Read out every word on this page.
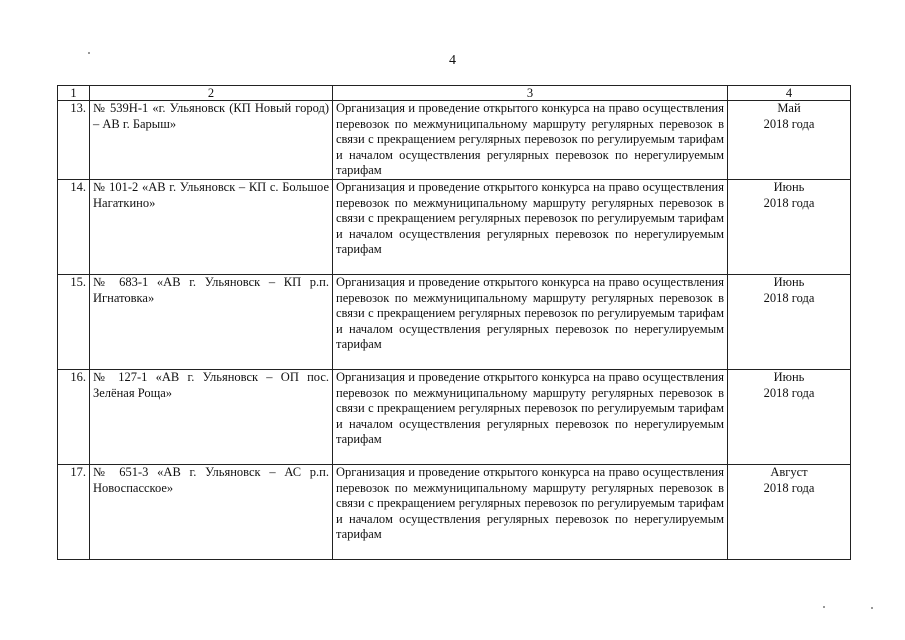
4
1	2	3	4
13.	№ 539Н-1 «г. Ульяновск (КП Новый город) – АВ г. Барыш»	Организация и проведение открытого конкурса на право осуществления перевозок по межмуниципальному маршруту регулярных перевозок в связи с прекращением регулярных перевозок по регулируемым тарифам и началом осуществления регулярных перевозок по нерегулируемым тарифам	Май
2018 года

14.	№ 101-2 «АВ г. Ульяновск – КП с. Большое Нагаткино»	Организация и проведение открытого конкурса на право осуществления перевозок по межмуниципальному маршруту регулярных перевозок в связи с прекращением регулярных перевозок по регулируемым тарифам и началом осуществления регулярных перевозок по нерегулируемым тарифам	Июнь
2018 года

15.	№ 683-1 «АВ г. Ульяновск – КП р.п. Игнатовка»	Организация и проведение открытого конкурса на право осуществления перевозок по межмуниципальному маршруту регулярных перевозок в связи с прекращением регулярных перевозок по регулируемым тарифам и началом осуществления регулярных перевозок по нерегулируемым тарифам	Июнь
2018 года

16.	№ 127-1 «АВ г. Ульяновск – ОП пос. Зелёная Роща»	Организация и проведение открытого конкурса на право осуществления перевозок по межмуниципальному маршруту регулярных перевозок в связи с прекращением регулярных перевозок по регулируемым тарифам и началом осуществления регулярных перевозок по нерегулируемым тарифам	Июнь
2018 года

17.	№ 651-3 «АВ г. Ульяновск – АС р.п. Новоспасское»	Организация и проведение открытого конкурса на право осуществления перевозок по межмуниципальному маршруту регулярных перевозок в связи с прекращением регулярных перевозок по регулируемым тарифам и началом осуществления регулярных перевозок по нерегулируемым тарифам	Август
2018 года
